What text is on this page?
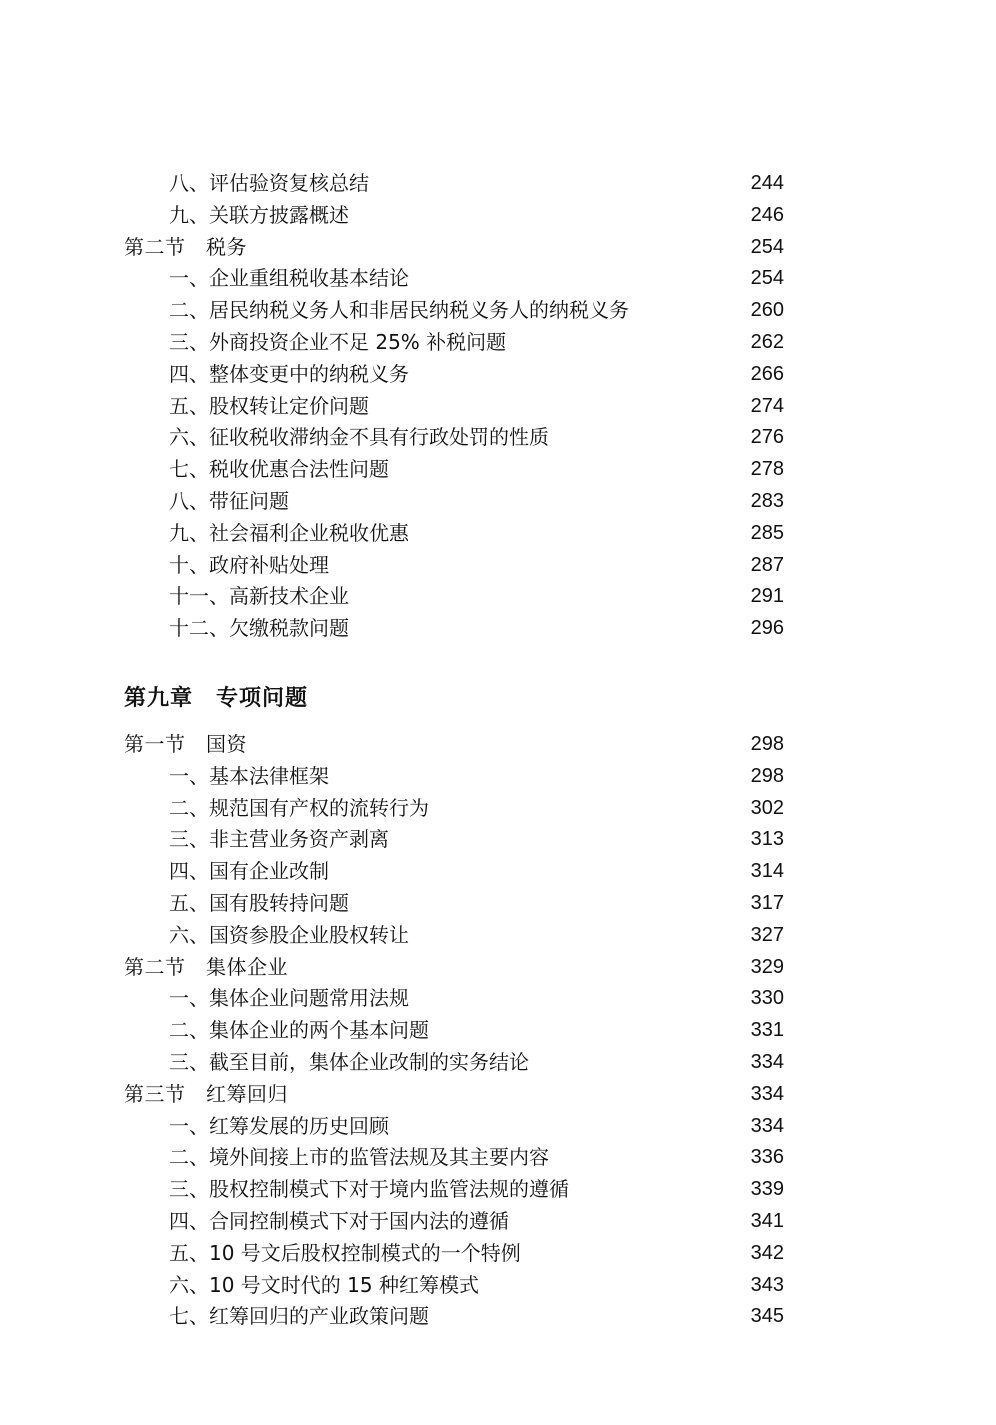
八、评估验资复核总结	244
九、关联方披露概述	246
第二节　税务	254
一、企业重组税收基本结论	254
二、居民纳税义务人和非居民纳税义务人的纳税义务	260
三、外商投资企业不足 25% 补税问题	262
四、整体变更中的纳税义务	266
五、股权转让定价问题	274
六、征收税收滞纳金不具有行政处罚的性质	276
七、税收优惠合法性问题	278
八、带征问题	283
九、社会福利企业税收优惠	285
十、政府补贴处理	287
十一、高新技术企业	291
十二、欠缴税款问题	296
第九章　专项问题
第一节　国资	298
一、基本法律框架	298
二、规范国有产权的流转行为	302
三、非主营业务资产剥离	313
四、国有企业改制	314
五、国有股转持问题	317
六、国资参股企业股权转让	327
第二节　集体企业	329
一、集体企业问题常用法规	330
二、集体企业的两个基本问题	331
三、截至目前，集体企业改制的实务结论	334
第三节　红筹回归	334
一、红筹发展的历史回顾	334
二、境外间接上市的监管法规及其主要内容	336
三、股权控制模式下对于境内监管法规的遵循	339
四、合同控制模式下对于国内法的遵循	341
五、10 号文后股权控制模式的一个特例	342
六、10 号文时代的 15 种红筹模式	343
七、红筹回归的产业政策问题	345
